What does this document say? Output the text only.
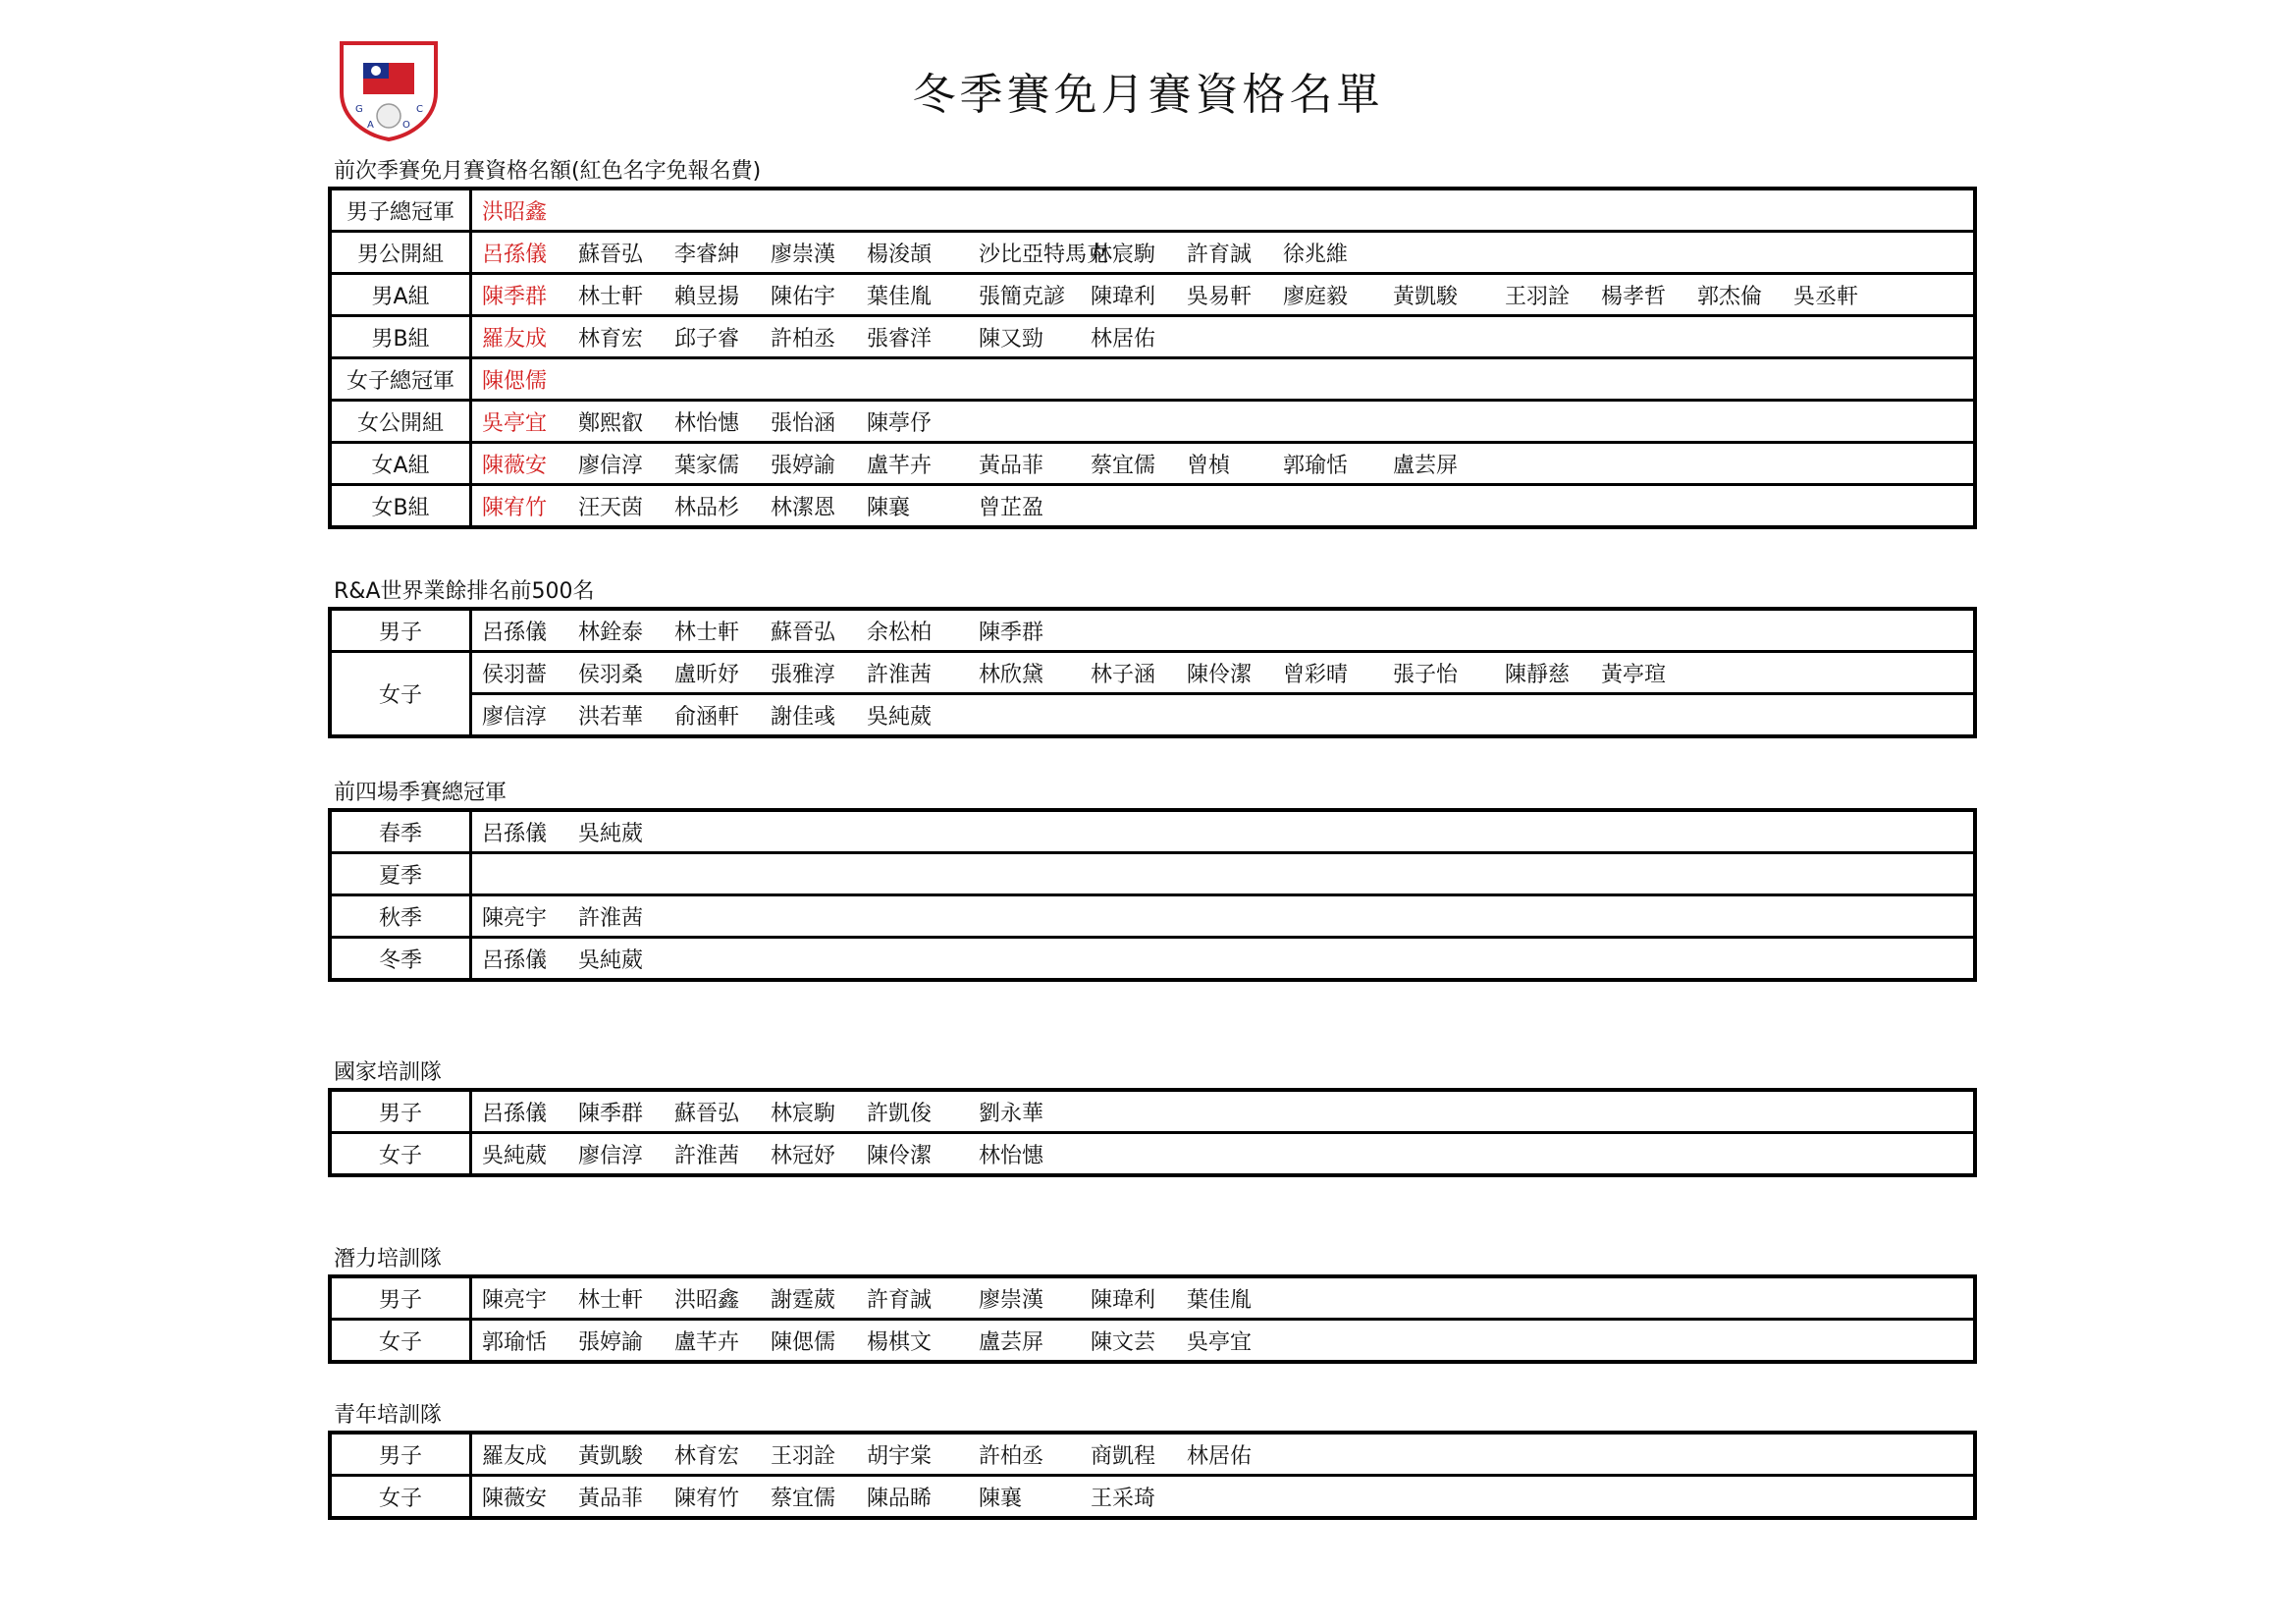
G
A	O
C	冬季賽免月賽資格名單
前次季賽免月賽資格名額(紅色名字免報名費)
男子總冠軍	洪昭鑫
男公開組	呂孫儀 蘇晉弘 李睿紳 廖崇漢 楊浚頡 沙比亞特馬克林宸駒 許育誠 徐兆維
男A組	陳季群 林士軒 賴昱揚 陳佑宇 葉佳胤 張簡克諺 陳瑋利 吳易軒 廖庭毅 黃凱駿 王羽詮 楊孝哲 郭杰倫 吳丞軒
男B組	羅友成 林育宏 邱子睿 許柏丞 張睿洋 陳又勁 林居佑
女子總冠軍	陳偲儒
女公開組	吳亭宜 鄭熙叡 林怡憓 張怡涵 陳葶伃
女A組	陳薇安 廖信淳 葉家儒 張婷諭 盧芊卉 黃品菲 蔡宜儒 曾楨 郭瑜恬 盧芸屏
女B組	陳宥竹 汪天茵 林品杉 林潔恩 陳襄 曾芷盈
R&A世界業餘排名前500名
男子	呂孫儀 林銓泰 林士軒 蘇晉弘 余松柏 陳季群
女子	侯羽薔 侯羽桑 盧昕妤 張雅淳 許淮茜 林欣黛 林子涵 陳伶潔 曾彩晴 張子怡 陳靜慈 黃亭瑄
	廖信淳 洪若華 俞涵軒 謝佳彧 吳純葳
前四場季賽總冠軍
春季	呂孫儀 吳純葳
夏季	
秋季	陳亮宇 許淮茜
冬季	呂孫儀 吳純葳
國家培訓隊
男子	呂孫儀 陳季群 蘇晉弘 林宸駒 許凱俊 劉永華
女子	吳純葳 廖信淳 許淮茜 林冠妤 陳伶潔 林怡憓
潛力培訓隊
男子	陳亮宇 林士軒 洪昭鑫 謝霆葳 許育誠 廖崇漢 陳瑋利 葉佳胤
女子	郭瑜恬 張婷諭 盧芊卉 陳偲儒 楊棋文 盧芸屏 陳文芸 吳亭宜
青年培訓隊
男子	羅友成 黃凱駿 林育宏 王羽詮 胡宇棠 許柏丞 商凱程 林居佑
女子	陳薇安 黃品菲 陳宥竹 蔡宜儒 陳品睎 陳襄 王采琦
